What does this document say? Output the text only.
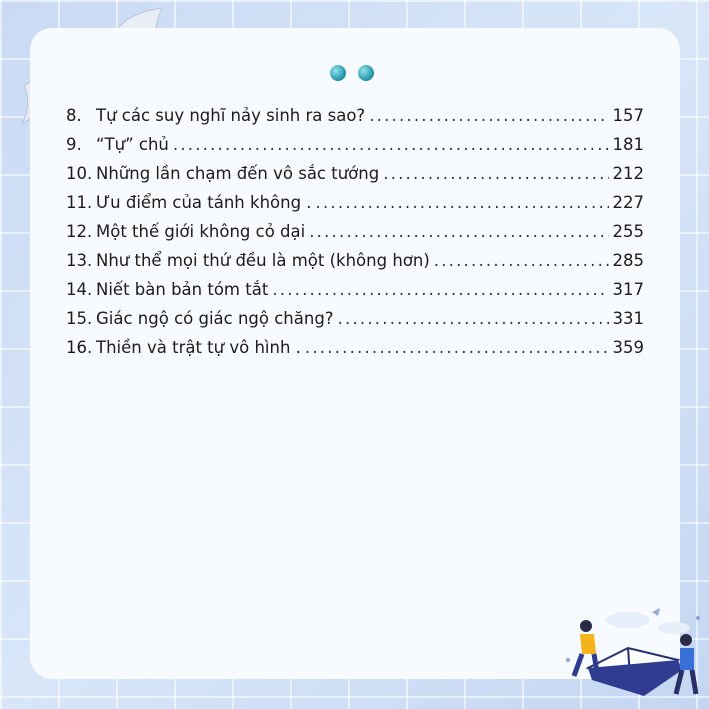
8. Tự các suy nghĩ nảy sinh ra sao? .....	157
9. “Tự” chủ .....	181
10. Những lần chạm đến vô sắc tướng .....	212
11. Ưu điểm của tánh không . .....	227
12. Một thế giới không cỏ dại .....	255
13. Như thể mọi thứ đều là một (không hơn) .....	285
14. Niết bàn bản tóm tắt .....	317
15. Giác ngộ có giác ngộ chăng? .....	331
16. Thiền và trật tự vô hình . .....	359
